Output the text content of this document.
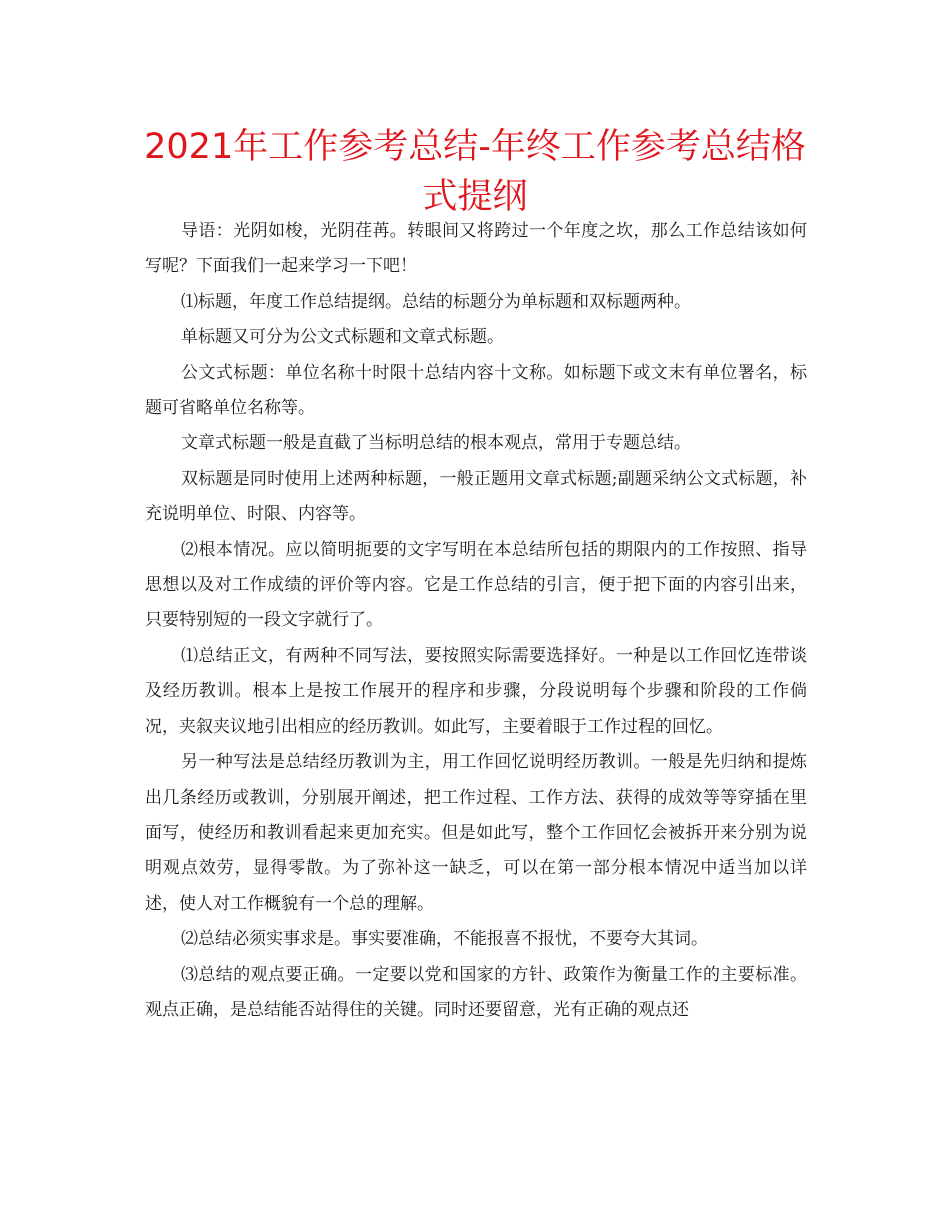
2021年工作参考总结-年终工作参考总结格式提纲

导语：光阴如梭，光阴荏苒。转眼间又将跨过一个年度之坎，那么工作总结该如何写呢？下面我们一起来学习一下吧！

⑴标题，年度工作总结提纲。总结的标题分为单标题和双标题两种。

单标题又可分为公文式标题和文章式标题。

公文式标题：单位名称十时限十总结内容十文称。如标题下或文末有单位署名，标题可省略单位名称等。

文章式标题一般是直截了当标明总结的根本观点，常用于专题总结。

双标题是同时使用上述两种标题，一般正题用文章式标题;副题采纳公文式标题，补充说明单位、时限、内容等。

⑵根本情况。应以简明扼要的文字写明在本总结所包括的期限内的工作按照、指导思想以及对工作成绩的评价等内容。它是工作总结的引言，便于把下面的内容引出来，只要特别短的一段文字就行了。

⑴总结正文，有两种不同写法，要按照实际需要选择好。一种是以工作回忆连带谈及经历教训。根本上是按工作展开的程序和步骤，分段说明每个步骤和阶段的工作倘况，夹叙夹议地引出相应的经历教训。如此写，主要着眼于工作过程的回忆。

另一种写法是总结经历教训为主，用工作回忆说明经历教训。一般是先归纳和提炼出几条经历或教训，分别展开阐述，把工作过程、工作方法、获得的成效等等穿插在里面写，使经历和教训看起来更加充实。但是如此写，整个工作回忆会被拆开来分别为说明观点效劳，显得零散。为了弥补这一缺乏，可以在第一部分根本情况中适当加以详述，使人对工作概貌有一个总的理解。

⑵总结必须实事求是。事实要准确，不能报喜不报忧，不要夸大其词。

⑶总结的观点要正确。一定要以党和国家的方针、政策作为衡量工作的主要标准。观点正确，是总结能否站得住的关键。同时还要留意，光有正确的观点还
